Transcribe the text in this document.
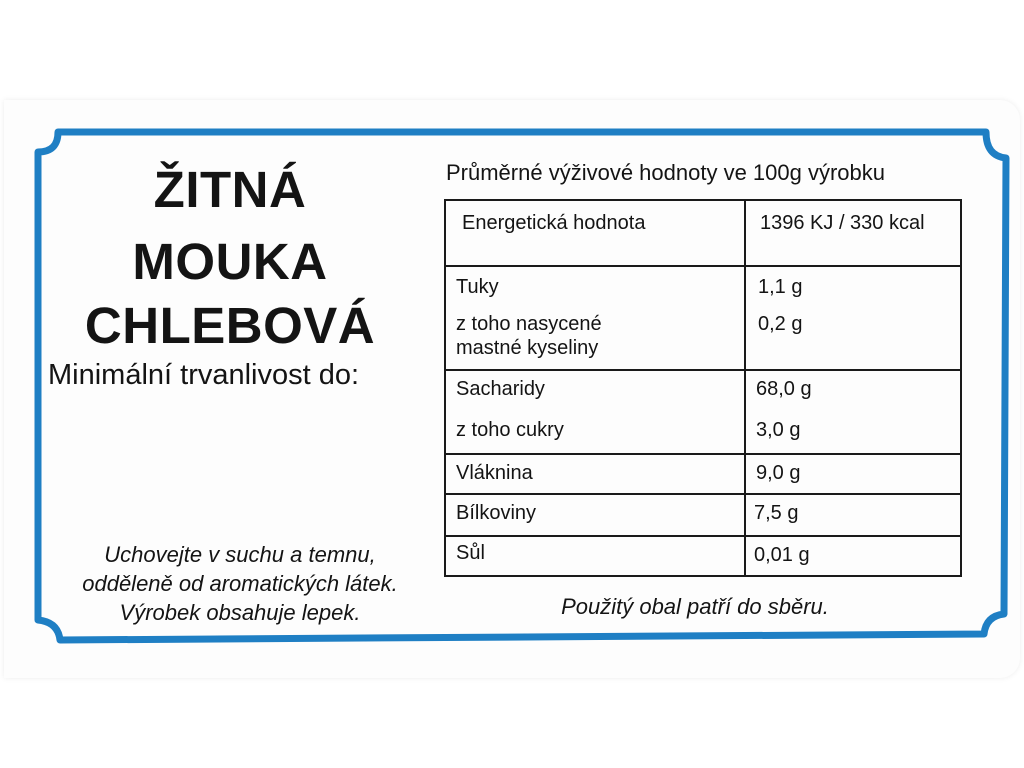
ŽITNÁ
MOUKA
CHLEBOVÁ
Minimální trvanlivost do:
Uchovejte v suchu a temnu,
odděleně od aromatických látek.
Výrobek obsahuje lepek.
Průměrné výživové hodnoty ve 100g výrobku
Energetická hodnota	1396 KJ / 330 kcal

Tuky	1,1 g

z toho nasycené mastné kyseliny	0,2 g

Sacharidy	68,0 g

z toho cukry	3,0 g

Vláknina	9,0 g

Bílkoviny	7,5 g

Sůl	0,01 g
Použitý obal patří do sběru.
